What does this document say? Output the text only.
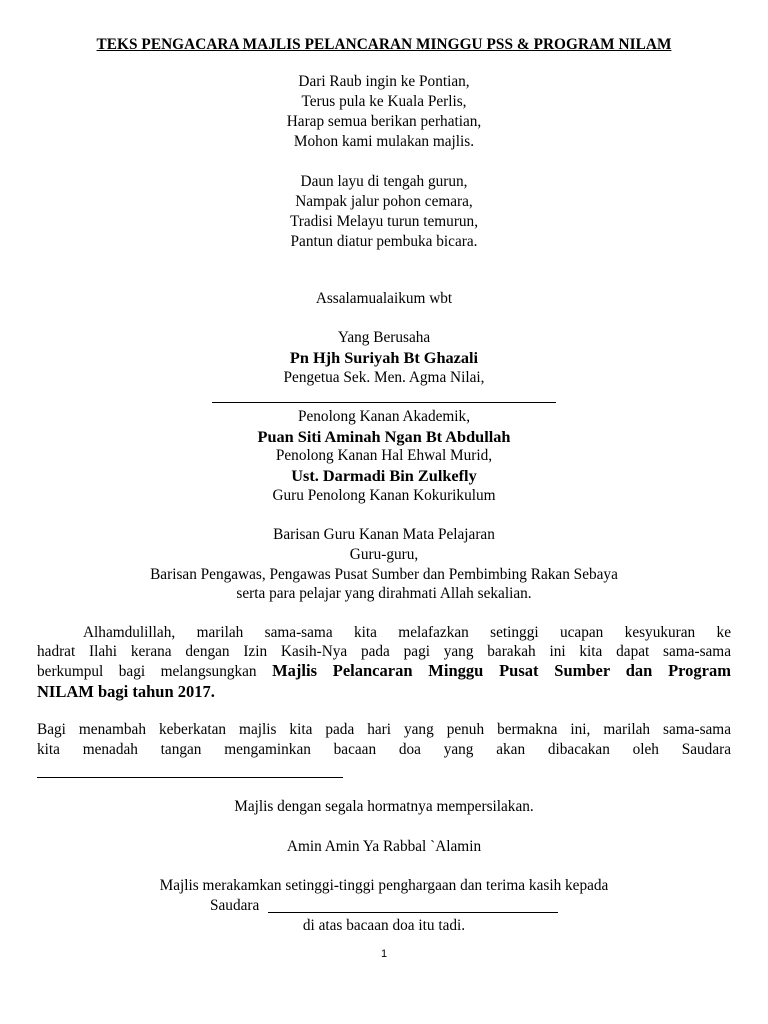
TEKS PENGACARA MAJLIS PELANCARAN MINGGU PSS & PROGRAM NILAM
Dari Raub ingin ke Pontian,
Terus pula ke Kuala Perlis,
Harap semua berikan perhatian,
Mohon kami mulakan majlis.
Daun layu di tengah gurun,
Nampak jalur pohon cemara,
Tradisi Melayu turun temurun,
Pantun diatur pembuka bicara.
Assalamualaikum wbt
Yang Berusaha
Pn Hjh Suriyah Bt Ghazali
Pengetua Sek. Men. Agma Nilai,
Penolong Kanan Akademik,
Puan Siti Aminah Ngan Bt Abdullah
Penolong Kanan Hal Ehwal Murid,
Ust. Darmadi Bin Zulkefly
Guru Penolong Kanan Kokurikulum
Barisan Guru Kanan Mata Pelajaran
Guru-guru,
Barisan Pengawas, Pengawas Pusat Sumber dan Pembimbing Rakan Sebaya
serta para pelajar yang dirahmati Allah sekalian.
Alhamdulillah, marilah sama-sama kita melafazkan setinggi ucapan kesyukuran ke
hadrat Ilahi kerana dengan Izin Kasih-Nya pada pagi yang barakah ini kita dapat sama-sama
berkumpul bagi melangsungkan Majlis Pelancaran Minggu Pusat Sumber dan Program
NILAM bagi tahun 2017.
Bagi menambah keberkatan majlis kita pada hari yang penuh bermakna ini, marilah sama-sama
kita menadah tangan mengaminkan bacaan doa yang akan dibacakan oleh Saudara
Majlis dengan segala hormatnya mempersilakan.
Amin Amin Ya Rabbal `Alamin
Majlis merakamkan setinggi-tinggi penghargaan dan terima kasih kepada
Saudara
di atas bacaan doa itu tadi.
1
